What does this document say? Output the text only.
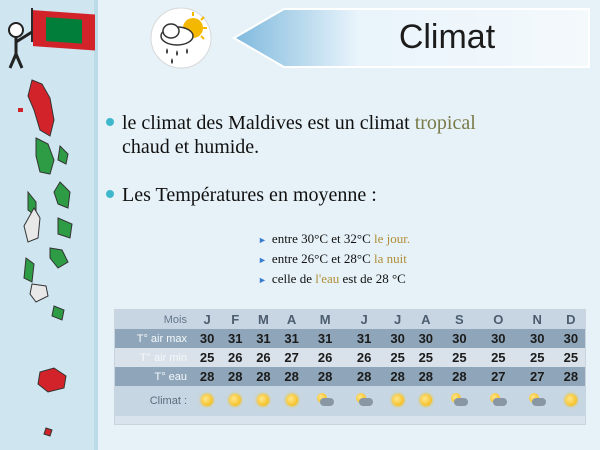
Climat
le climat des Maldives est un climat tropical
chaud et humide.
Les Températures en moyenne :
► entre 30°C et 32°C le jour.
► entre 26°C et 28°C la nuit
► celle de l'eau est de 28 °C
Mois	J	F	M	A	M	J	J	A	S	O	N	D
T° air max	30	31	31	31	31	31	30	30	30	30	30	30
T° air min	25	26	26	27	26	26	25	25	25	25	25	25
T° eau	28	28	28	28	28	28	28	28	28	27	27	28
Climat :					
